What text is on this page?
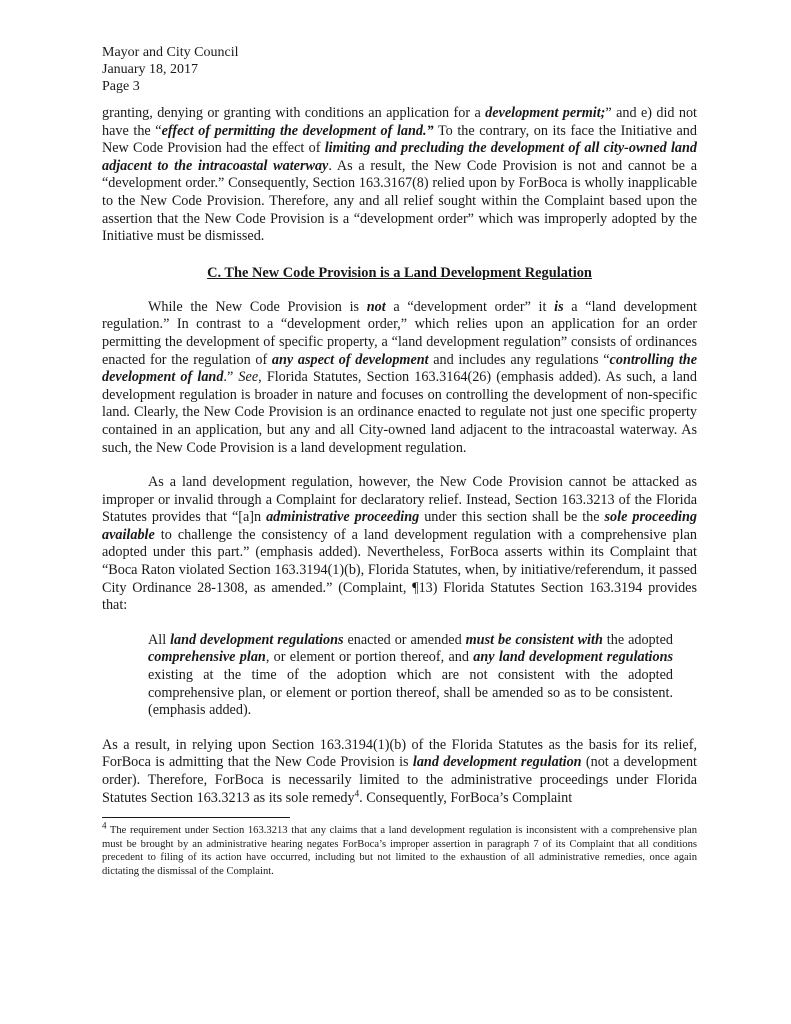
Mayor and City Council

January 18, 2017

Page 3

granting, denying or granting with conditions an application for a development permit;” and e) did not have the “effect of permitting the development of land.” To the contrary, on its face the Initiative and New Code Provision had the effect of limiting and precluding the development of all city-owned land adjacent to the intracoastal waterway. As a result, the New Code Provision is not and cannot be a “development order.” Consequently, Section 163.3167(8) relied upon by ForBoca is wholly inapplicable to the New Code Provision. Therefore, any and all relief sought within the Complaint based upon the assertion that the New Code Provision is a “development order” which was improperly adopted by the Initiative must be dismissed.

C. The New Code Provision is a Land Development Regulation

While the New Code Provision is not a “development order” it is a “land development regulation.” In contrast to a “development order,” which relies upon an application for an order permitting the development of specific property, a “land development regulation” consists of ordinances enacted for the regulation of any aspect of development and includes any regulations “controlling the development of land.” See, Florida Statutes, Section 163.3164(26) (emphasis added). As such, a land development regulation is broader in nature and focuses on controlling the development of non-specific land. Clearly, the New Code Provision is an ordinance enacted to regulate not just one specific property contained in an application, but any and all City-owned land adjacent to the intracoastal waterway. As such, the New Code Provision is a land development regulation.

As a land development regulation, however, the New Code Provision cannot be attacked as improper or invalid through a Complaint for declaratory relief. Instead, Section 163.3213 of the Florida Statutes provides that “[a]n administrative proceeding under this section shall be the sole proceeding available to challenge the consistency of a land development regulation with a comprehensive plan adopted under this part.” (emphasis added). Nevertheless, ForBoca asserts within its Complaint that “Boca Raton violated Section 163.3194(1)(b), Florida Statutes, when, by initiative/referendum, it passed City Ordinance 28-1308, as amended.” (Complaint, ¶13) Florida Statutes Section 163.3194 provides that:

All land development regulations enacted or amended must be consistent with the adopted comprehensive plan, or element or portion thereof, and any land development regulations existing at the time of the adoption which are not consistent with the adopted comprehensive plan, or element or portion thereof, shall be amended so as to be consistent. (emphasis added).

As a result, in relying upon Section 163.3194(1)(b) of the Florida Statutes as the basis for its relief, ForBoca is admitting that the New Code Provision is land development regulation (not a development order). Therefore, ForBoca is necessarily limited to the administrative proceedings under Florida Statutes Section 163.3213 as its sole remedy$^4$. Consequently, ForBoca’s Complaint

$^4$ The requirement under Section 163.3213 that any claims that a land development regulation is inconsistent with a comprehensive plan must be brought by an administrative hearing negates ForBoca’s improper assertion in paragraph 7 of its Complaint that all conditions precedent to filing of its action have occurred, including but not limited to the exhaustion of all administrative remedies, once again dictating the dismissal of the Complaint.
